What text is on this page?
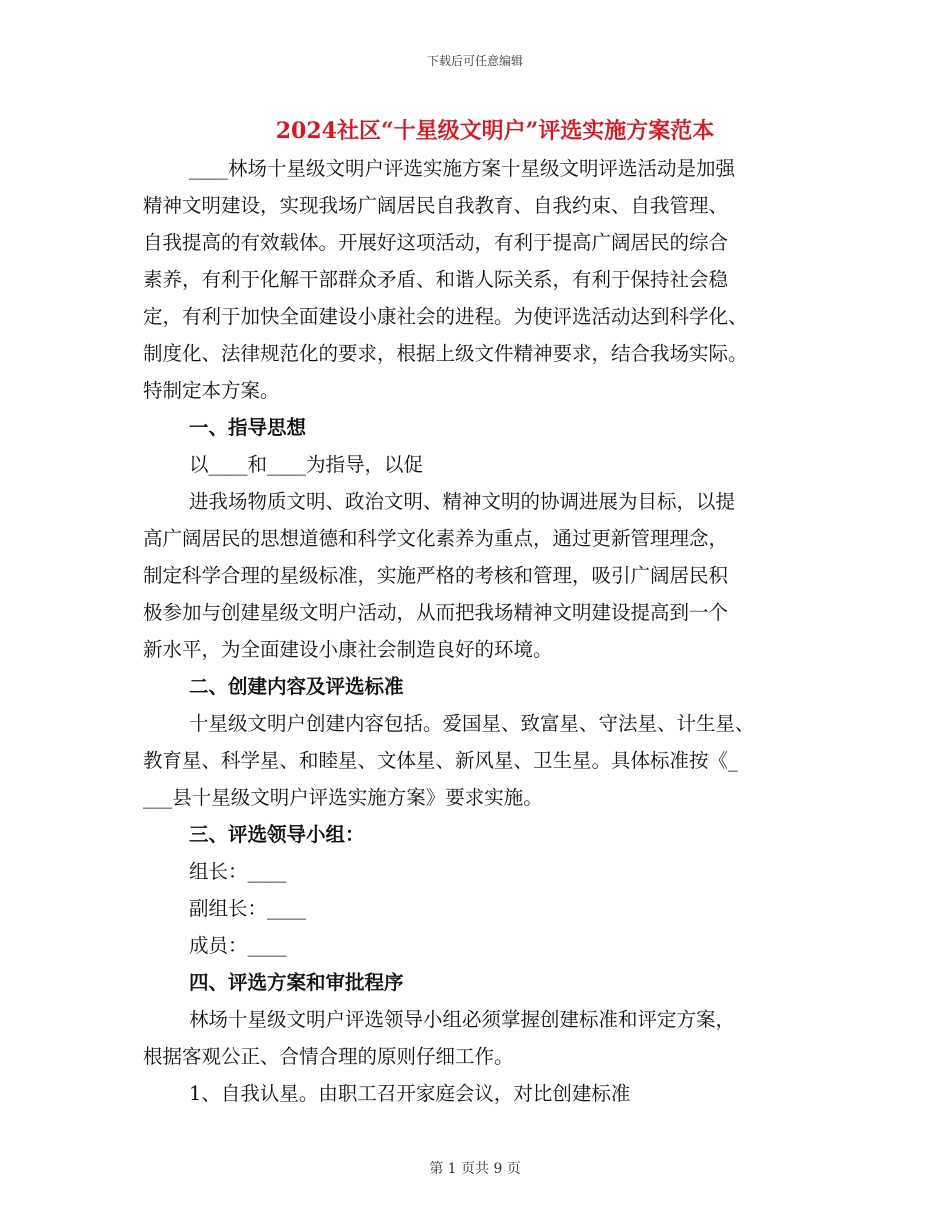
下载后可任意编辑
2024社区“十星级文明户”评选实施方案范本
____林场十星级文明户评选实施方案十星级文明评选活动是加强
精神文明建设，实现我场广阔居民自我教育、自我约束、自我管理、
自我提高的有效载体。开展好这项活动，有利于提高广阔居民的综合
素养，有利于化解干部群众矛盾、和谐人际关系，有利于保持社会稳
定，有利于加快全面建设小康社会的进程。为使评选活动达到科学化、
制度化、法律规范化的要求，根据上级文件精神要求，结合我场实际。
特制定本方案。
一、指导思想
以____和____为指导，以促
进我场物质文明、政治文明、精神文明的协调进展为目标，以提
高广阔居民的思想道德和科学文化素养为重点，通过更新管理理念，
制定科学合理的星级标准，实施严格的考核和管理，吸引广阔居民积
极参加与创建星级文明户活动，从而把我场精神文明建设提高到一个
新水平，为全面建设小康社会制造良好的环境。
二、创建内容及评选标准
十星级文明户创建内容包括。爱国星、致富星、守法星、计生星、
教育星、科学星、和睦星、文体星、新风星、卫生星。具体标准按《_
___县十星级文明户评选实施方案》要求实施。
三、评选领导小组：
组长：____
副组长：____
成员：____
四、评选方案和审批程序
林场十星级文明户评选领导小组必须掌握创建标准和评定方案，
根据客观公正、合情合理的原则仔细工作。
1、自我认星。由职工召开家庭会议，对比创建标准
第 1 页共 9 页
